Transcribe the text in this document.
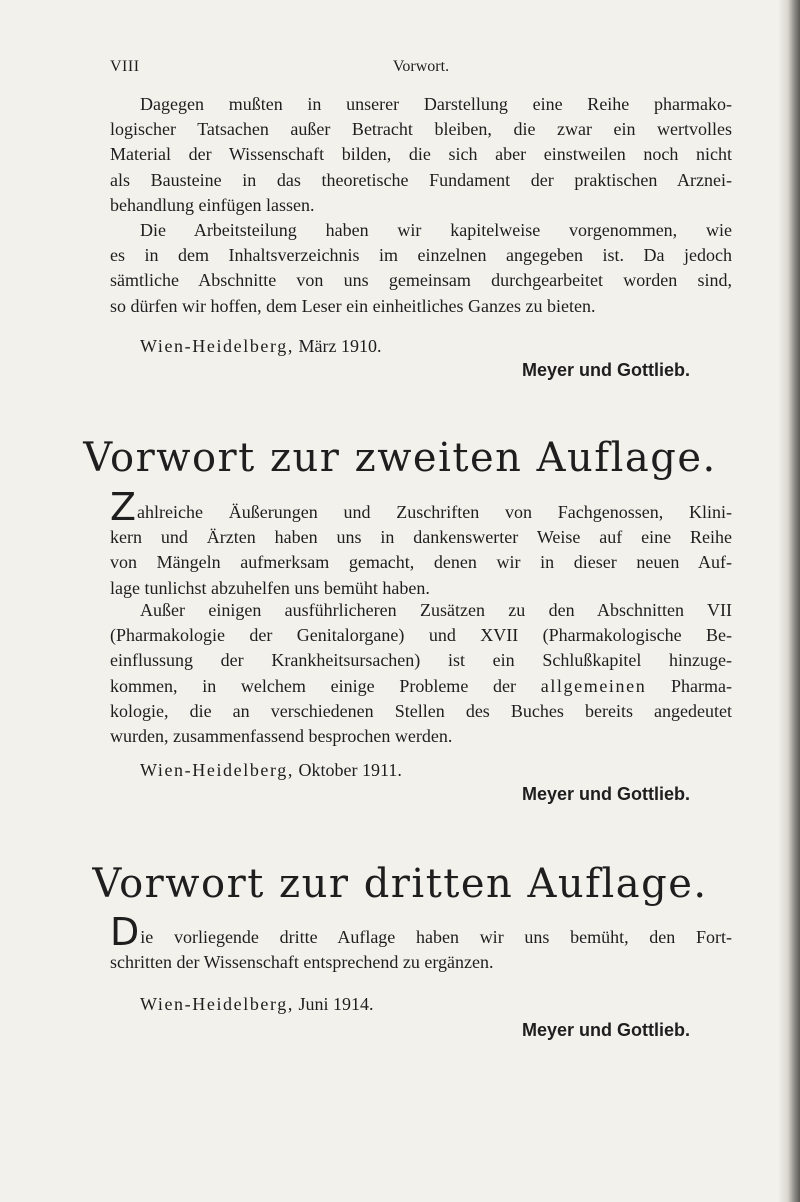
VIII	Vorwort.
Dagegen mußten in unserer Darstellung eine Reihe pharmako-
logischer Tatsachen außer Betracht bleiben, die zwar ein wertvolles
Material der Wissenschaft bilden, die sich aber einstweilen noch nicht
als Bausteine in das theoretische Fundament der praktischen Arznei-
behandlung einfügen lassen.
Die Arbeitsteilung haben wir kapitelweise vorgenommen, wie
es in dem Inhaltsverzeichnis im einzelnen angegeben ist. Da jedoch
sämtliche Abschnitte von uns gemeinsam durchgearbeitet worden sind,
so dürfen wir hoffen, dem Leser ein einheitliches Ganzes zu bieten.
Wien-Heidelberg, März 1910.
Meyer und Gottlieb.
Vorwort zur zweiten Auflage.
Zahlreiche Äußerungen und Zuschriften von Fachgenossen, Klini-
kern und Ärzten haben uns in dankenswerter Weise auf eine Reihe
von Mängeln aufmerksam gemacht, denen wir in dieser neuen Auf-
lage tunlichst abzuhelfen uns bemüht haben.
Außer einigen ausführlicheren Zusätzen zu den Abschnitten VII
(Pharmakologie der Genitalorgane) und XVII (Pharmakologische Be-
einflussung der Krankheitsursachen) ist ein Schlußkapitel hinzuge-
kommen, in welchem einige Probleme der allgemeinen Pharma-
kologie, die an verschiedenen Stellen des Buches bereits angedeutet
wurden, zusammenfassend besprochen werden.
Wien-Heidelberg, Oktober 1911.
Meyer und Gottlieb.
Vorwort zur dritten Auflage.
Die vorliegende dritte Auflage haben wir uns bemüht, den Fort-
schritten der Wissenschaft entsprechend zu ergänzen.
Wien-Heidelberg, Juni 1914.
Meyer und Gottlieb.
